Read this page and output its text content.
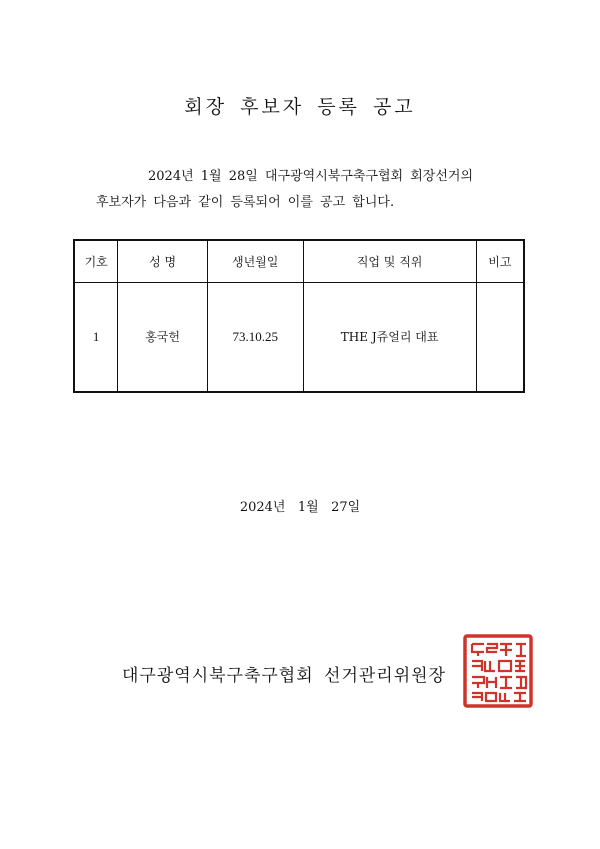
회장 후보자 등록 공고
2024년 1월 28일 대구광역시북구축구협회 회장선거의
후보자가 다음과 같이 등록되어 이를 공고 합니다.
기호	성 명	생년월일	직업 및 직위	비고
1	홍국헌	73.10.25	THE J쥬얼리 대표	
2024년   1월   27일
대구광역시북구축구협회 선거관리위원장
